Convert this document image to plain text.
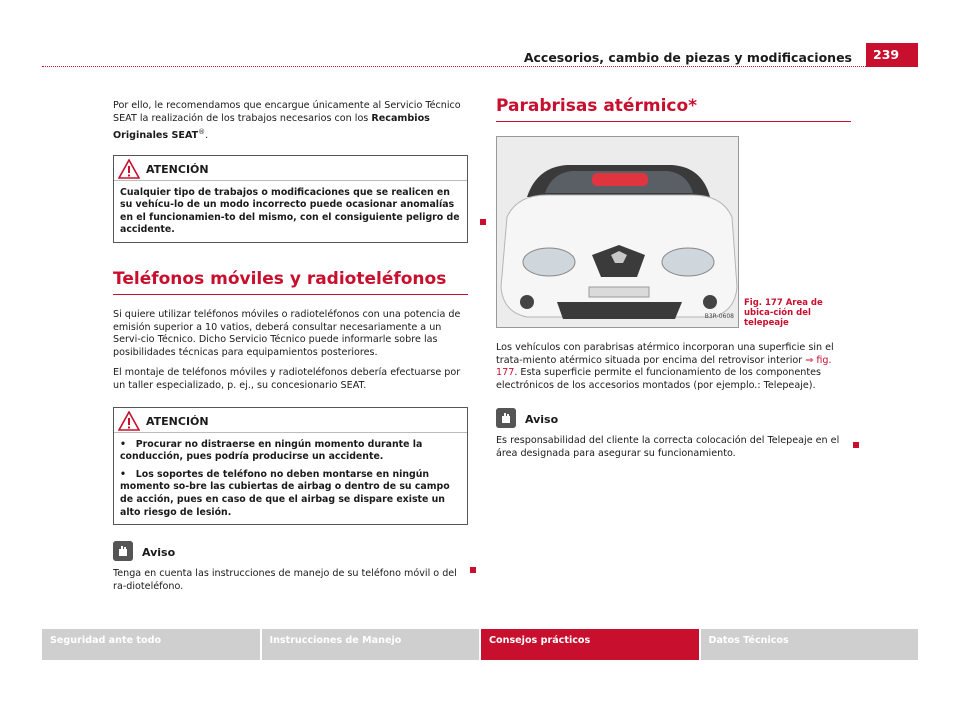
Accesorios, cambio de piezas y modificaciones	239

Por ello, le recomendamos que encargue únicamente al Servicio Técnico SEAT la realización de los trabajos necesarios con los Recambios Originales SEAT®.

ATENCIÓN
Cualquier tipo de trabajos o modificaciones que se realicen en su vehícu-lo de un modo incorrecto puede ocasionar anomalías en el funcionamien-to del mismo, con el consiguiente peligro de accidente.
Teléfonos móviles y radioteléfonos

Si quiere utilizar teléfonos móviles o radioteléfonos con una potencia de emisión superior a 10 vatios, deberá consultar necesariamente a un Servi-cio Técnico. Dicho Servicio Técnico puede informarle sobre las posibilidades técnicas para equipamientos posteriores.

El montaje de teléfonos móviles y radioteléfonos debería efectuarse por un taller especializado, p. ej., su concesionario SEAT.

ATENCIÓN
•   Procurar no distraerse en ningún momento durante la conducción, pues podría producirse un accidente.
•   Los soportes de teléfono no deben montarse en ningún momento so-bre las cubiertas de airbag o dentro de su campo de acción, pues en caso de que el airbag se dispare existe un alto riesgo de lesión.
Aviso
Tenga en cuenta las instrucciones de manejo de su teléfono móvil o del ra-dioteléfono.
Parabrisas atérmico*
B3R-0608
Fig. 177 Area de ubica-ción del telepeaje

Los vehículos con parabrisas atérmico incorporan una superficie sin el trata-miento atérmico situada por encima del retrovisor interior ⇒ fig. 177. Esta superficie permite el funcionamiento de los componentes electrónicos de los accesorios montados (por ejemplo.: Telepeaje).

Aviso
Es responsabilidad del cliente la correcta colocación del Telepeaje en el área designada para asegurar su funcionamiento.
Seguridad ante todo	Instrucciones de Manejo	Consejos prácticos	Datos Técnicos
